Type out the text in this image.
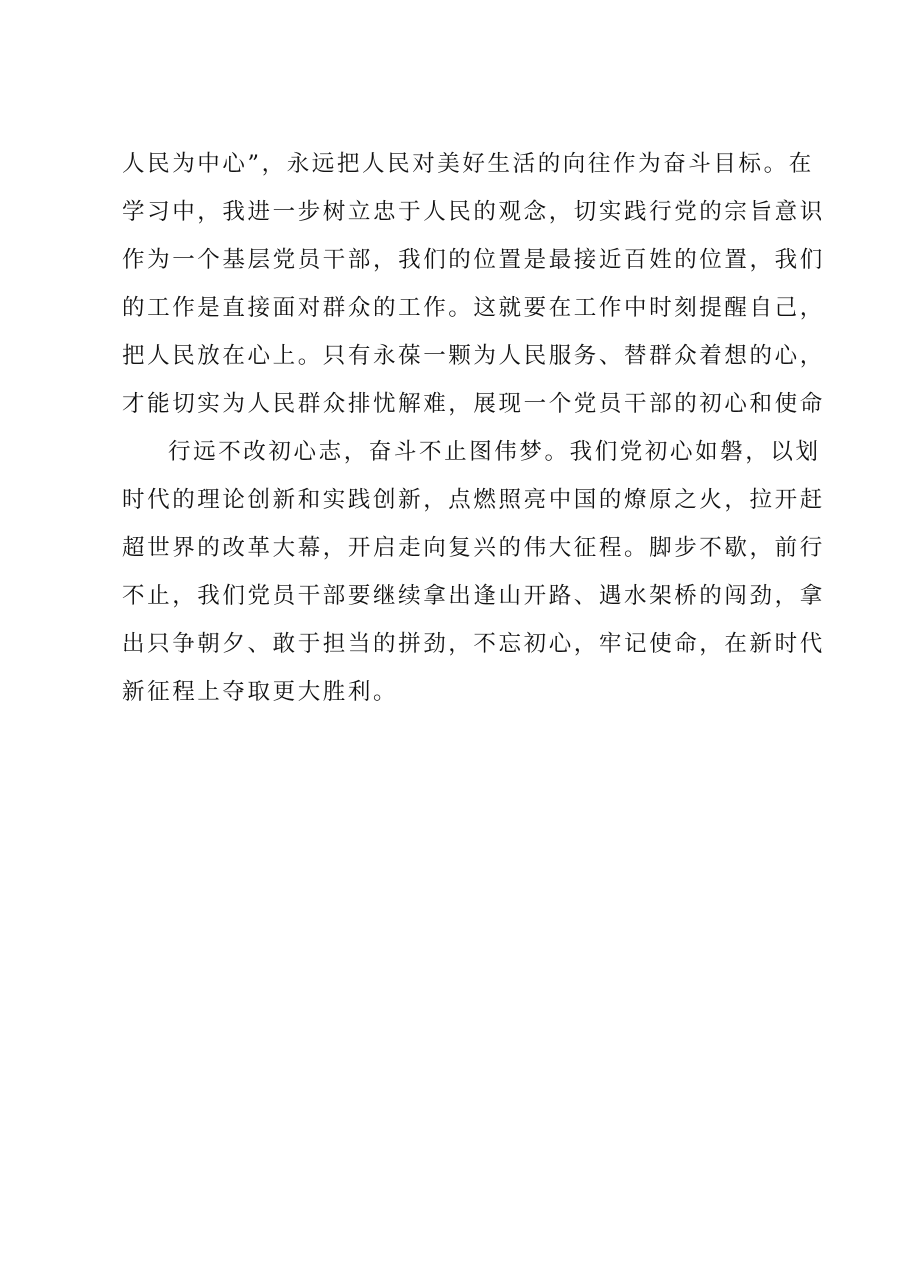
人民为中心”，永远把人民对美好生活的向往作为奋斗目标。在
学习中，我进一步树立忠于人民的观念，切实践行党的宗旨意识
作为一个基层党员干部，我们的位置是最接近百姓的位置，我们
的工作是直接面对群众的工作。这就要在工作中时刻提醒自己，
把人民放在心上。只有永葆一颗为人民服务、替群众着想的心，
才能切实为人民群众排忧解难，展现一个党员干部的初心和使命
行远不改初心志，奋斗不止图伟梦。我们党初心如磐，以划
时代的理论创新和实践创新，点燃照亮中国的燎原之火，拉开赶
超世界的改革大幕，开启走向复兴的伟大征程。脚步不歇，前行
不止，我们党员干部要继续拿出逢山开路、遇水架桥的闯劲，拿
出只争朝夕、敢于担当的拼劲，不忘初心，牢记使命，在新时代
新征程上夺取更大胜利。
